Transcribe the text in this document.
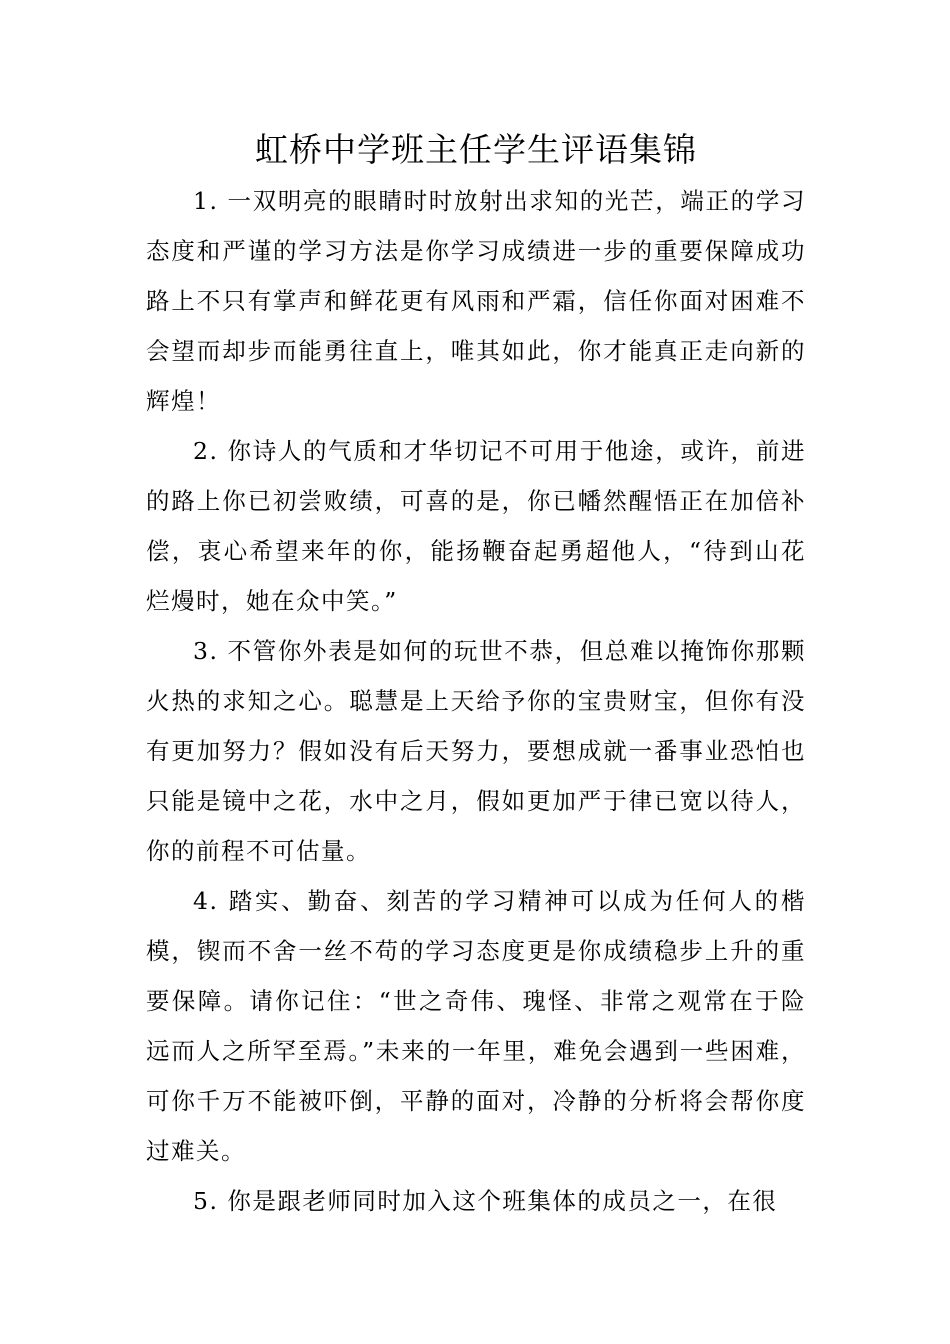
虹桥中学班主任学生评语集锦

1. 一双明亮的眼睛时时放射出求知的光芒，端正的学习态度和严谨的学习方法是你学习成绩进一步的重要保障成功路上不只有掌声和鲜花更有风雨和严霜，信任你面对困难不会望而却步而能勇往直上，唯其如此，你才能真正走向新的辉煌！

2. 你诗人的气质和才华切记不可用于他途，或许，前进的路上你已初尝败绩，可喜的是，你已幡然醒悟正在加倍补偿，衷心希望来年的你，能扬鞭奋起勇超他人，“待到山花烂熳时，她在众中笑。”

3. 不管你外表是如何的玩世不恭，但总难以掩饰你那颗火热的求知之心。聪慧是上天给予你的宝贵财宝，但你有没有更加努力？假如没有后天努力，要想成就一番事业恐怕也只能是镜中之花，水中之月，假如更加严于律已宽以待人，你的前程不可估量。

4. 踏实、勤奋、刻苦的学习精神可以成为任何人的楷模，锲而不舍一丝不苟的学习态度更是你成绩稳步上升的重要保障。请你记住：“世之奇伟、瑰怪、非常之观常在于险远而人之所罕至焉。”未来的一年里，难免会遇到一些困难，可你千万不能被吓倒，平静的面对，冷静的分析将会帮你度过难关。

5. 你是跟老师同时加入这个班集体的成员之一，在很
